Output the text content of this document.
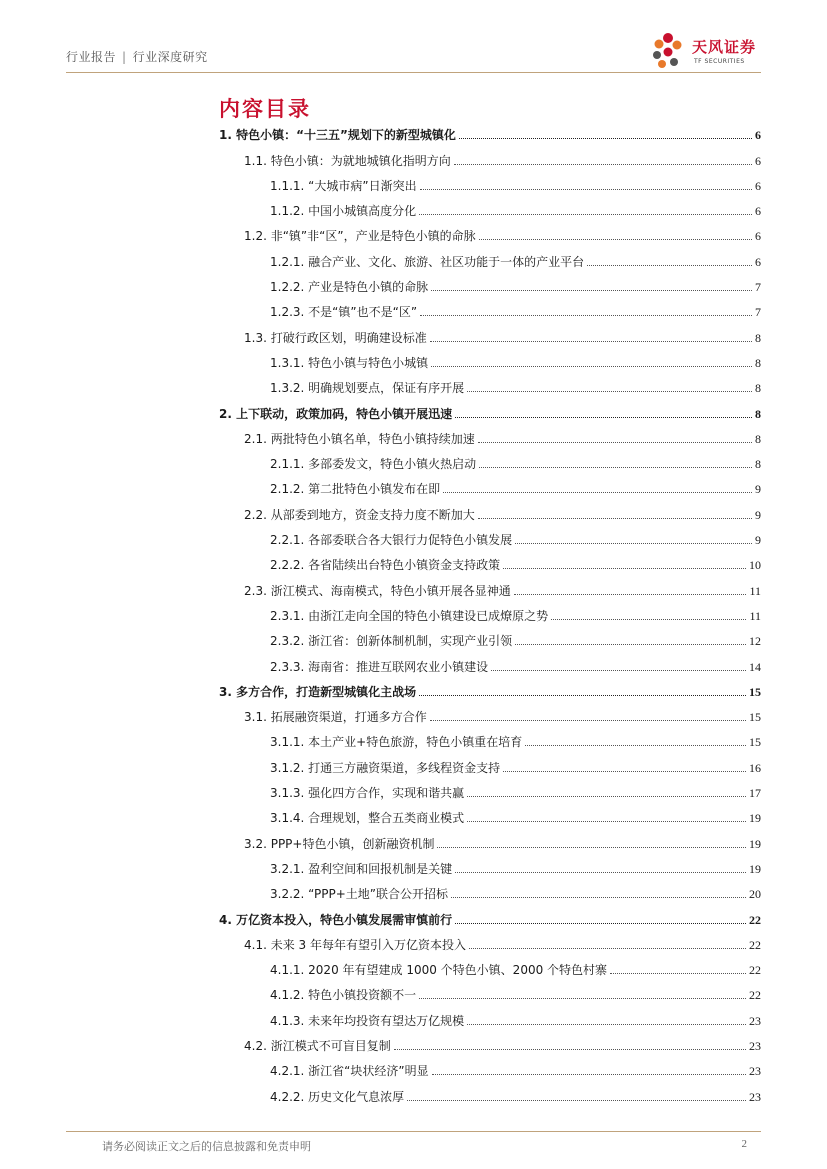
行业报告 | 行业深度研究
天风证券
TF SECURITIES
内容目录
1. 特色小镇：“十三五”规划下的新型城镇化	6
1.1. 特色小镇：为就地城镇化指明方向	6
1.1.1. “大城市病”日渐突出	6
1.1.2. 中国小城镇高度分化	6
1.2. 非“镇”非“区”，产业是特色小镇的命脉	6
1.2.1. 融合产业、文化、旅游、社区功能于一体的产业平台	6
1.2.2. 产业是特色小镇的命脉	7
1.2.3. 不是“镇”也不是“区”	7
1.3. 打破行政区划，明确建设标准	8
1.3.1. 特色小镇与特色小城镇	8
1.3.2. 明确规划要点，保证有序开展	8
2. 上下联动，政策加码，特色小镇开展迅速	8
2.1. 两批特色小镇名单，特色小镇持续加速	8
2.1.1. 多部委发文，特色小镇火热启动	8
2.1.2. 第二批特色小镇发布在即	9
2.2. 从部委到地方，资金支持力度不断加大	9
2.2.1. 各部委联合各大银行力促特色小镇发展	9
2.2.2. 各省陆续出台特色小镇资金支持政策	10
2.3. 浙江模式、海南模式，特色小镇开展各显神通	11
2.3.1. 由浙江走向全国的特色小镇建设已成燎原之势	11
2.3.2. 浙江省：创新体制机制，实现产业引领	12
2.3.3. 海南省：推进互联网农业小镇建设	14
3. 多方合作，打造新型城镇化主战场	15
3.1. 拓展融资渠道，打通多方合作	15
3.1.1. 本土产业+特色旅游，特色小镇重在培育	15
3.1.2. 打通三方融资渠道，多线程资金支持	16
3.1.3. 强化四方合作，实现和谐共赢	17
3.1.4. 合理规划，整合五类商业模式	19
3.2. PPP+特色小镇，创新融资机制	19
3.2.1. 盈利空间和回报机制是关键	19
3.2.2. “PPP+土地”联合公开招标	20
4. 万亿资本投入，特色小镇发展需审慎前行	22
4.1. 未来 3 年每年有望引入万亿资本投入	22
4.1.1. 2020 年有望建成 1000 个特色小镇、2000 个特色村寨	22
4.1.2. 特色小镇投资额不一	22
4.1.3. 未来年均投资有望达万亿规模	23
4.2. 浙江模式不可盲目复制	23
4.2.1. 浙江省“块状经济”明显	23
4.2.2. 历史文化气息浓厚	23
请务必阅读正文之后的信息披露和免责申明	2
